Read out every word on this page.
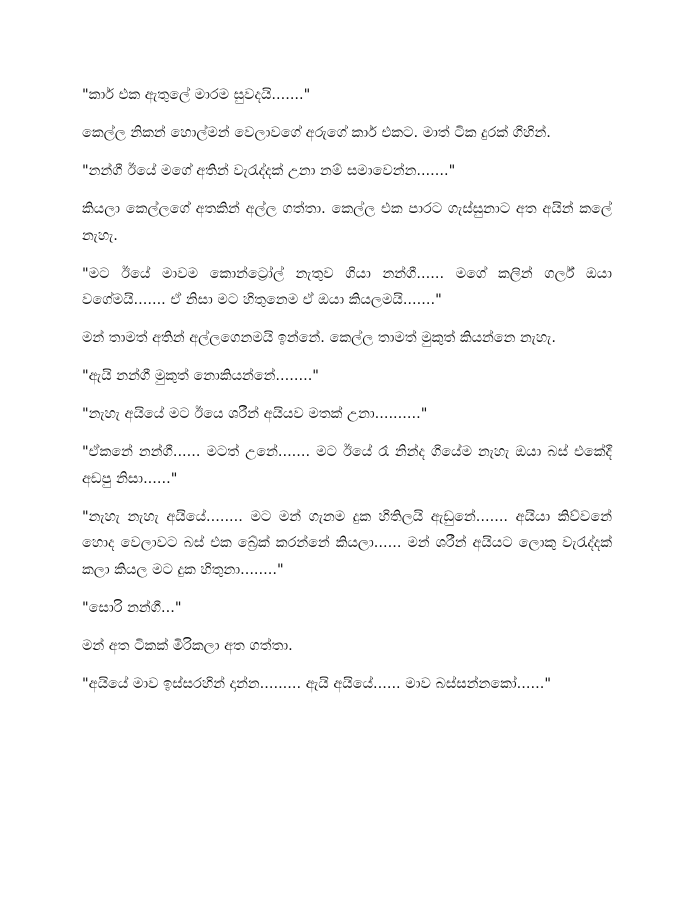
"කාර් එක ඇතුලේ මාරම සුවදයි......."

කෙල්ල නිකන් හොල්මන් වෙලාවගේ අරුගේ කාර් එකට. මාත් ටික දුරක් ගිහින්.

"නන්ගී ඊයේ මගේ අතින් වැරැද්දක් උනා නම් සමාවෙන්න......."

කියලා කෙල්ලගේ අතකින් අල්ල ගත්තා. කෙල්ල එක පාරට ගැස්සුනාට අත අයින් කලේ නැහැ.

"මට ඊයේ මාවම කොන්ට්‍රෝල් නැතුව ගියා නන්ගී...... මගේ කලින් ගර්ල් ඔයා වගේමයි....... ඒ නිසා මට හිතුනෙම ඒ ඔයා කියලමයි......."

මන් තාමත් අතින් අල්ලගෙනමයි ඉන්නේ. කෙල්ල තාමත් මුකුත් කියන්නෙ නැහැ.

"ඇයි නන්ගී මුකුත් නොකියන්නේ........"

"නැහැ අයියේ මට ඊයෙ ශරීන් අයියව මතක් උනා.........."

"ඒකනේ නන්ගී...... මටත් උනේ....... මට ඊයේ රෑ නින්ද ගියේම නැහැ ඔයා බස් එකේදී අඩපු නිසා......"

"නැහැ නැහැ අයියේ........ මට මන් ගැනම දුක හිතිලයි ඇඩුනේ....... අයියා කිව්වනේ හොද වෙලාවට බස් එක බ්‍රේක් කරන්නේ කියලා...... මන් ශරීන් අයියට ලොකු වැරැද්දක් කලා කියල මට දුක හිතුනා........"

"සොරි නන්ගී..."

මන් අත ටිකක් මිරිකලා අත ගත්තා.

"අයියේ මාව ඉස්සරහින් දාන්න......... ඇයි අයියේ...... මාව බස්සන්නකෝ......"
